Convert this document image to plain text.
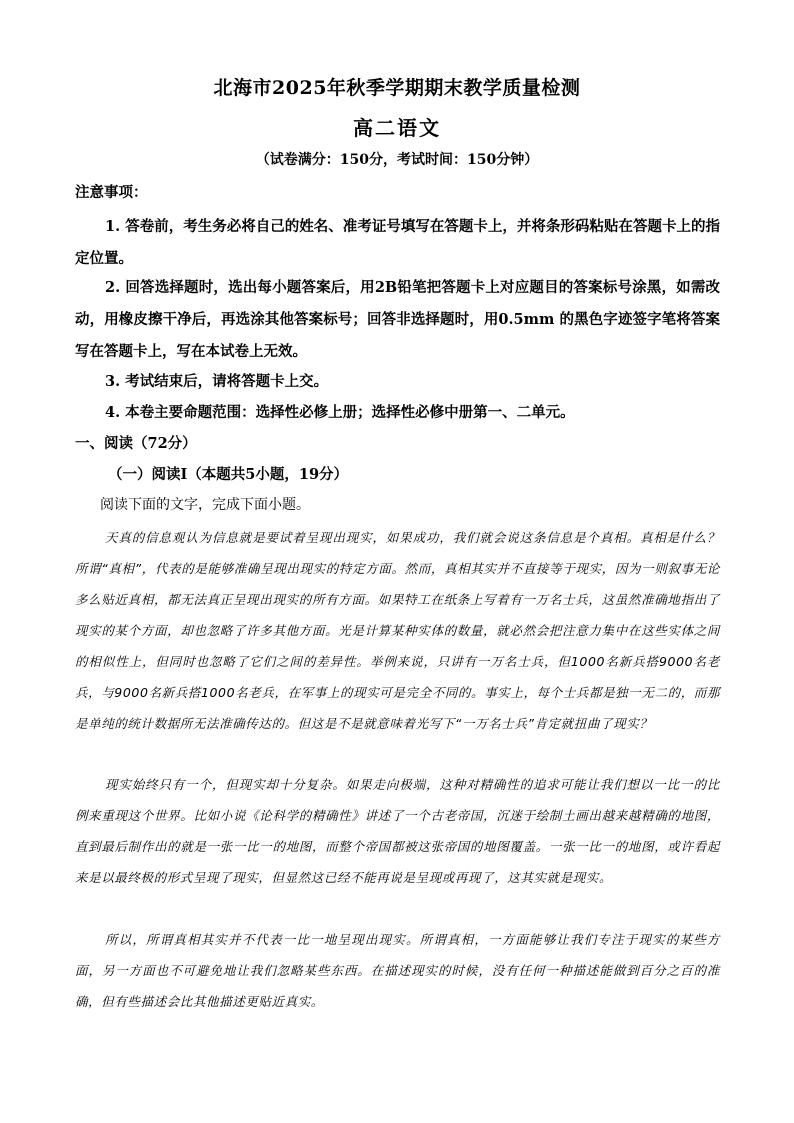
北海市2025年秋季学期期末教学质量检测
高二语文
（试卷满分：150分，考试时间：150分钟）
注意事项：
1. 答卷前，考生务必将自己的姓名、准考证号填写在答题卡上，并将条形码粘贴在答题卡上的指定位置。
2. 回答选择题时，选出每小题答案后，用2B铅笔把答题卡上对应题目的答案标号涂黑，如需改动，用橡皮擦干净后，再选涂其他答案标号；回答非选择题时，用0.5mm 的黑色字迹签字笔将答案写在答题卡上，写在本试卷上无效。
3. 考试结束后，请将答题卡上交。
4. 本卷主要命题范围：选择性必修上册；选择性必修中册第一、二单元。
一、阅读（72分）
（一）阅读Ⅰ（本题共5小题，19分）
阅读下面的文字，完成下面小题。
天真的信息观认为信息就是要试着呈现出现实，如果成功，我们就会说这条信息是个真相。真相是什么？所谓“真相”，代表的是能够准确呈现出现实的特定方面。然而，真相其实并不直接等于现实，因为一则叙事无论多么贴近真相，都无法真正呈现出现实的所有方面。如果特工在纸条上写着有一万名士兵，这虽然准确地指出了现实的某个方面，却也忽略了许多其他方面。光是计算某种实体的数量，就必然会把注意力集中在这些实体之间的相似性上，但同时也忽略了它们之间的差异性。举例来说，只讲有一万名士兵，但1000名新兵搭9000名老兵，与9000名新兵搭1000名老兵，在军事上的现实可是完全不同的。事实上，每个士兵都是独一无二的，而那是单纯的统计数据所无法准确传达的。但这是不是就意味着光写下“一万名士兵”肯定就扭曲了现实？
现实始终只有一个，但现实却十分复杂。如果走向极端，这种对精确性的追求可能让我们想以一比一的比例来重现这个世界。比如小说《论科学的精确性》讲述了一个古老帝国，沉迷于绘制土画出越来越精确的地图，直到最后制作出的就是一张一比一的地图，而整个帝国都被这张帝国的地图覆盖。一张一比一的地图，或许看起来是以最终极的形式呈现了现实，但显然这已经不能再说是呈现或再现了，这其实就是现实。
所以，所谓真相其实并不代表一比一地呈现出现实。所谓真相，一方面能够让我们专注于现实的某些方面，另一方面也不可避免地让我们忽略某些东西。在描述现实的时候，没有任何一种描述能做到百分之百的准确，但有些描述会比其他描述更贴近真实。
